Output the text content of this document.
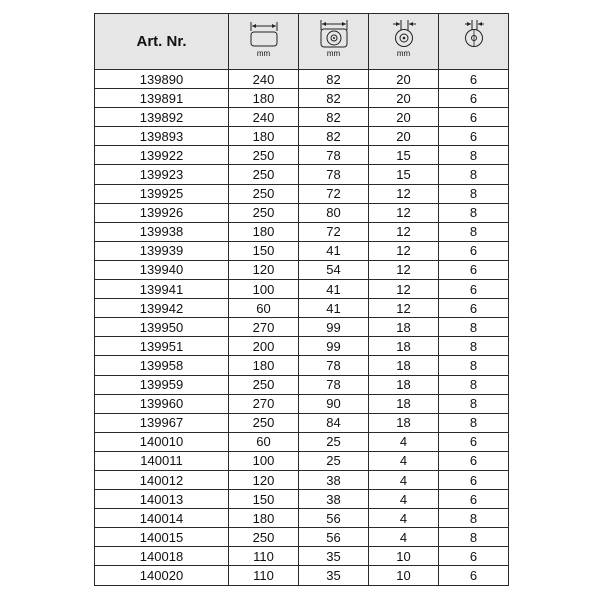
Art. Nr.	mm	mm	mm

139890	240	82	20	6
139891	180	82	20	6
139892	240	82	20	6
139893	180	82	20	6
139922	250	78	15	8
139923	250	78	15	8
139925	250	72	12	8
139926	250	80	12	8
139938	180	72	12	8
139939	150	41	12	6
139940	120	54	12	6
139941	100	41	12	6
139942	60	41	12	6
139950	270	99	18	8
139951	200	99	18	8
139958	180	78	18	8
139959	250	78	18	8
139960	270	90	18	8
139967	250	84	18	8
140010	60	25	4	6
140011	100	25	4	6
140012	120	38	4	6
140013	150	38	4	6
140014	180	56	4	8
140015	250	56	4	8
140018	110	35	10	6
140020	110	35	10	6
